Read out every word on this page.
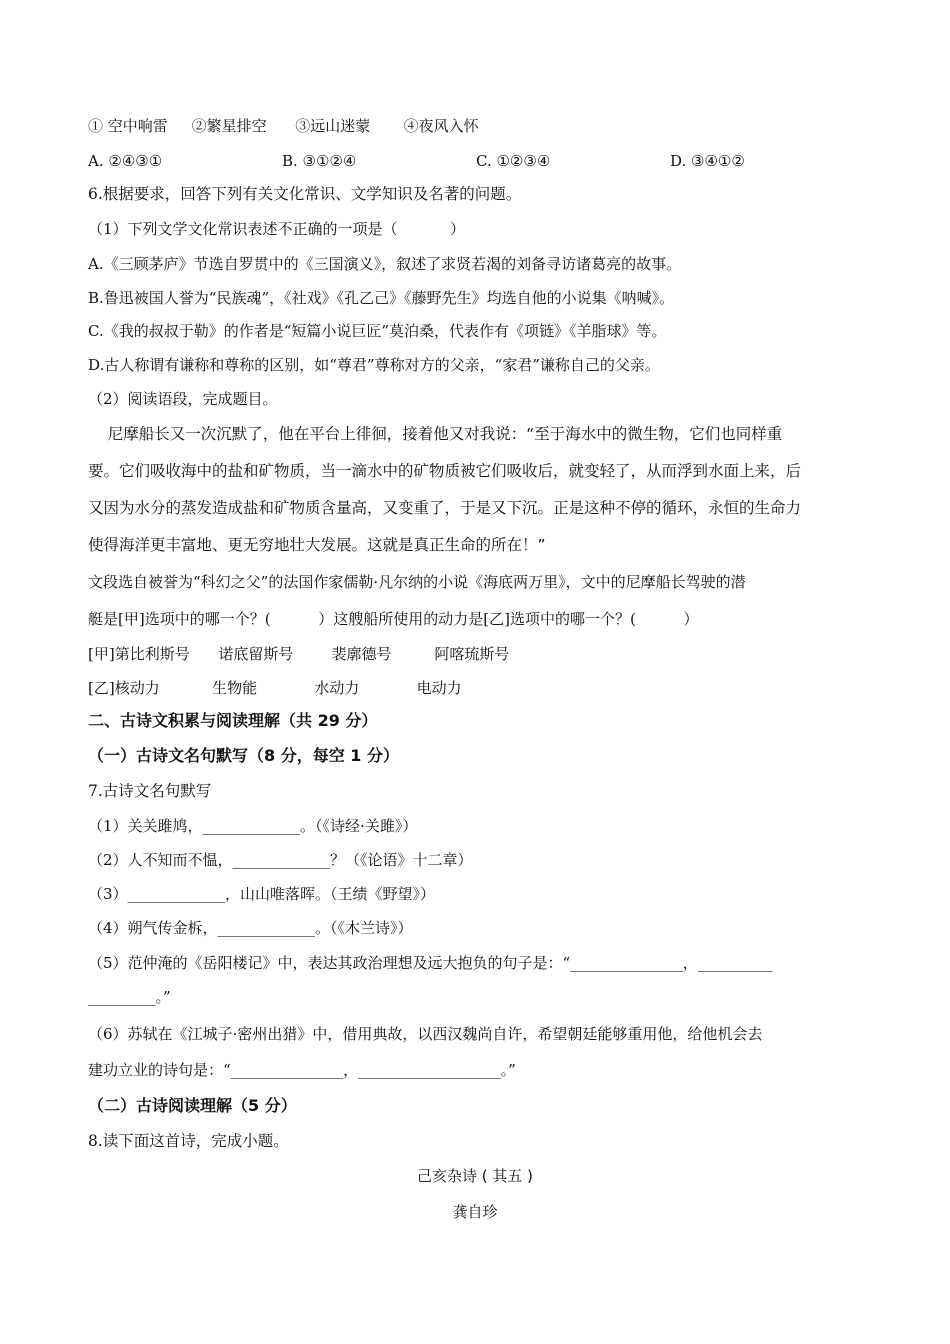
① 空中响雷     ②繁星排空      ③远山迷蒙       ④夜风入怀
A. ②④③①	B. ③①②④	C. ①②③④	D. ③④①②
6.根据要求，回答下列有关文化常识、文学知识及名著的问题。
（1）下列文学文化常识表述不正确的一项是（           ）
A.《三顾茅庐》节选自罗贯中的《三国演义》，叙述了求贤若渴的刘备寻访诸葛亮的故事。
B.鲁迅被国人誉为“民族魂”，《社戏》《孔乙己》《藤野先生》均选自他的小说集《呐喊》。
C.《我的叔叔于勒》的作者是“短篇小说巨匠”莫泊桑，代表作有《项链》《羊脂球》等。
D.古人称谓有谦称和尊称的区别，如“尊君”尊称对方的父亲，“家君”谦称自己的父亲。
（2）阅读语段，完成题目。
尼摩船长又一次沉默了，他在平台上徘徊，接着他又对我说：“至于海水中的微生物，它们也同样重
要。它们吸收海中的盐和矿物质，当一滴水中的矿物质被它们吸收后，就变轻了，从而浮到水面上来，后
又因为水分的蒸发造成盐和矿物质含量高，又变重了，于是又下沉。正是这种不停的循环，永恒的生命力
使得海洋更丰富地、更无穷地壮大发展。这就是真正生命的所在！”
文段选自被誉为“科幻之父”的法国作家儒勒·凡尔纳的小说《海底两万里》，文中的尼摩船长驾驶的潜
艇是[甲]选项中的哪一个？(          ）这艘船所使用的动力是[乙]选项中的哪一个？(          ）
[甲]第比利斯号      诺底留斯号        裴廓德号         阿喀琉斯号
[乙]核动力           生物能            水动力            电动力
二、古诗文积累与阅读理解（共 29 分）
（一）古诗文名句默写（8 分，每空 1 分）
7.古诗文名句默写
（1）关关雎鸠，_____________。（《诗经·关雎》）
（2）人不知而不愠，_____________？（《论语》十二章）
（3）_____________，山山唯落晖。（王绩《野望》）
（4）朔气传金柝，_____________。（《木兰诗》）
（5）范仲淹的《岳阳楼记》中，表达其政治理想及远大抱负的句子是：“_______________，__________
_________。”
（6）苏轼在《江城子·密州出猎》中，借用典故，以西汉魏尚自许，希望朝廷能够重用他，给他机会去
建功立业的诗句是：“_______________，___________________。”
（二）古诗阅读理解（5 分）
8.读下面这首诗，完成小题。
己亥杂诗 ( 其五 )
龚自珍
